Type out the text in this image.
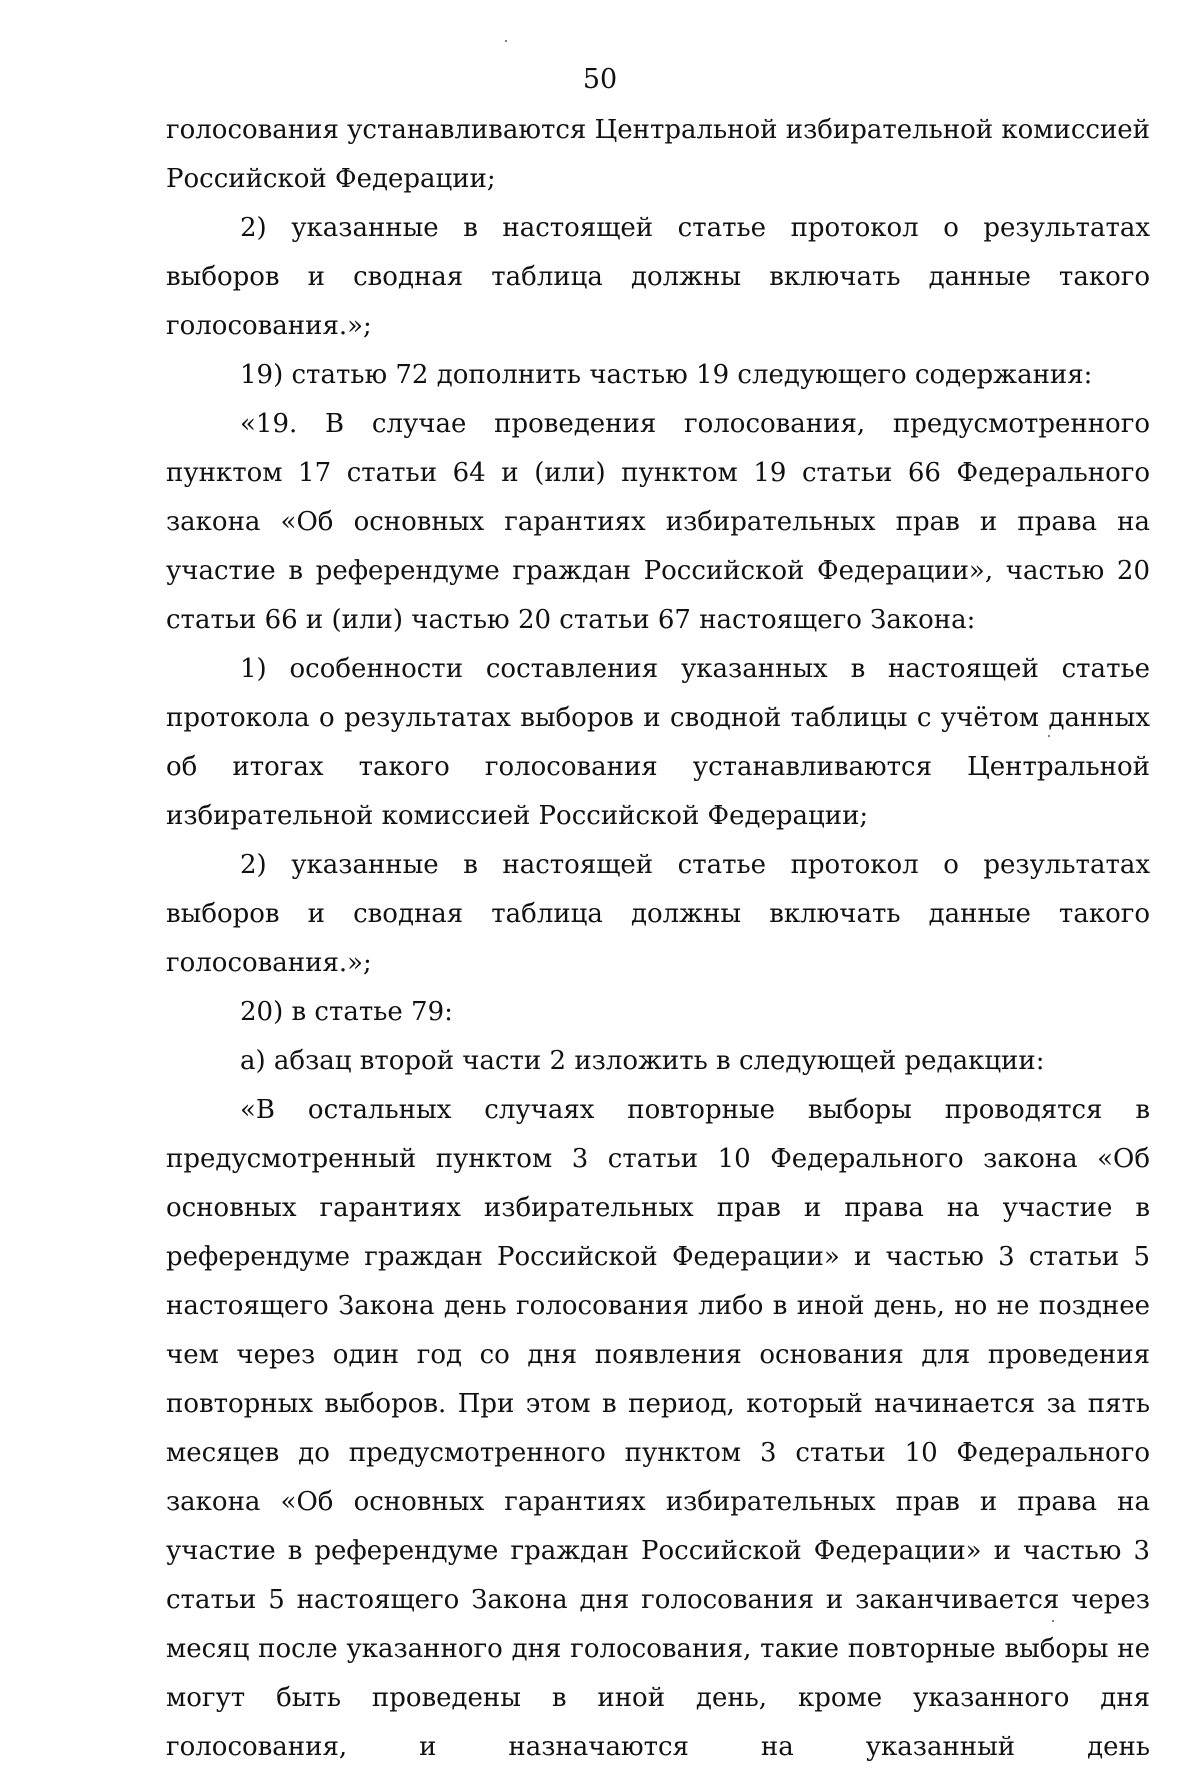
50

голосования устанавливаются Центральной избирательной комиссией Российской Федерации;

2) указанные в настоящей статье протокол о результатах выборов и сводная таблица должны включать данные такого голосования.»;

19) статью 72 дополнить частью 19 следующего содержания:

«19. В случае проведения голосования, предусмотренного пунктом 17 статьи 64 и (или) пунктом 19 статьи 66 Федерального закона «Об основных гарантиях избирательных прав и права на участие в референдуме граждан Российской Федерации», частью 20 статьи 66 и (или) частью 20 статьи 67 настоящего Закона:

1) особенности составления указанных в настоящей статье протокола о результатах выборов и сводной таблицы с учётом данных об итогах такого голосования устанавливаются Центральной избирательной комиссией Российской Федерации;

2) указанные в настоящей статье протокол о результатах выборов и сводная таблица должны включать данные такого голосования.»;

20) в статье 79:

а) абзац второй части 2 изложить в следующей редакции:

«В остальных случаях повторные выборы проводятся в предусмотренный пунктом 3 статьи 10 Федерального закона «Об основных гарантиях избирательных прав и права на участие в референдуме граждан Российской Федерации» и частью 3 статьи 5 настоящего Закона день голосования либо в иной день, но не позднее чем через один год со дня появления основания для проведения повторных выборов. При этом в период, который начинается за пять месяцев до предусмотренного пунктом 3 статьи 10 Федерального закона «Об основных гарантиях избирательных прав и права на участие в референдуме граждан Российской Федерации» и частью 3 статьи 5 настоящего Закона дня голосования и заканчивается через месяц после указанного дня голосования, такие повторные выборы не могут быть проведены в иной день, кроме указанного дня голосования, и назначаются на указанный день
